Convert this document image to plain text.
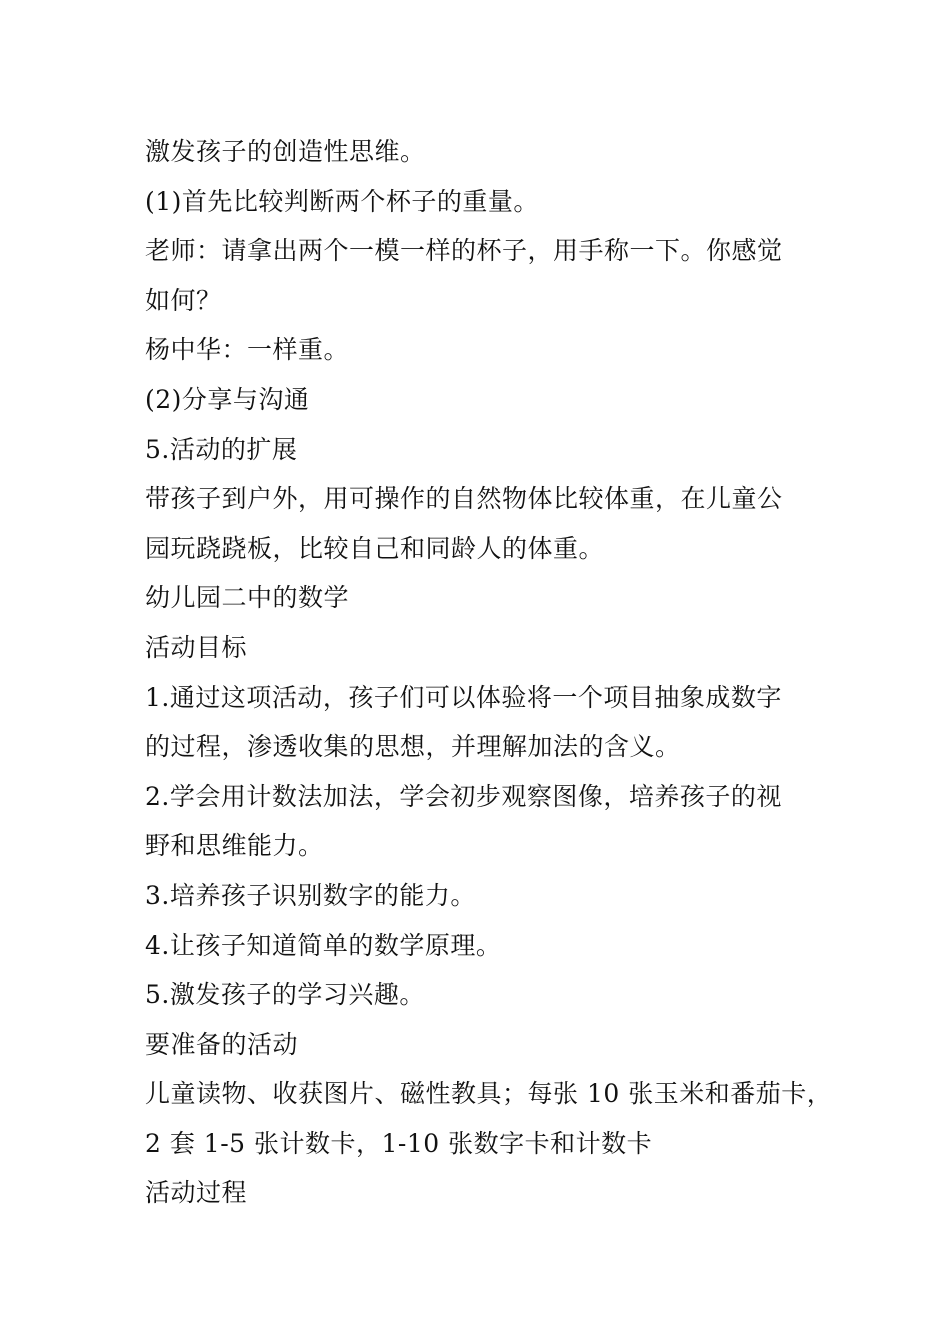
激发孩子的创造性思维。
(1)首先比较判断两个杯子的重量。
老师：请拿出两个一模一样的杯子，用手称一下。你感觉
如何？
杨中华：一样重。
(2)分享与沟通
5.活动的扩展
带孩子到户外，用可操作的自然物体比较体重，在儿童公
园玩跷跷板，比较自己和同龄人的体重。
幼儿园二中的数学
活动目标
1.通过这项活动，孩子们可以体验将一个项目抽象成数字
的过程，渗透收集的思想，并理解加法的含义。
2.学会用计数法加法，学会初步观察图像，培养孩子的视
野和思维能力。
3.培养孩子识别数字的能力。
4.让孩子知道简单的数学原理。
5.激发孩子的学习兴趣。
要准备的活动
儿童读物、收获图片、磁性教具；每张 10 张玉米和番茄卡，
2 套 1-5 张计数卡，1-10 张数字卡和计数卡
活动过程
